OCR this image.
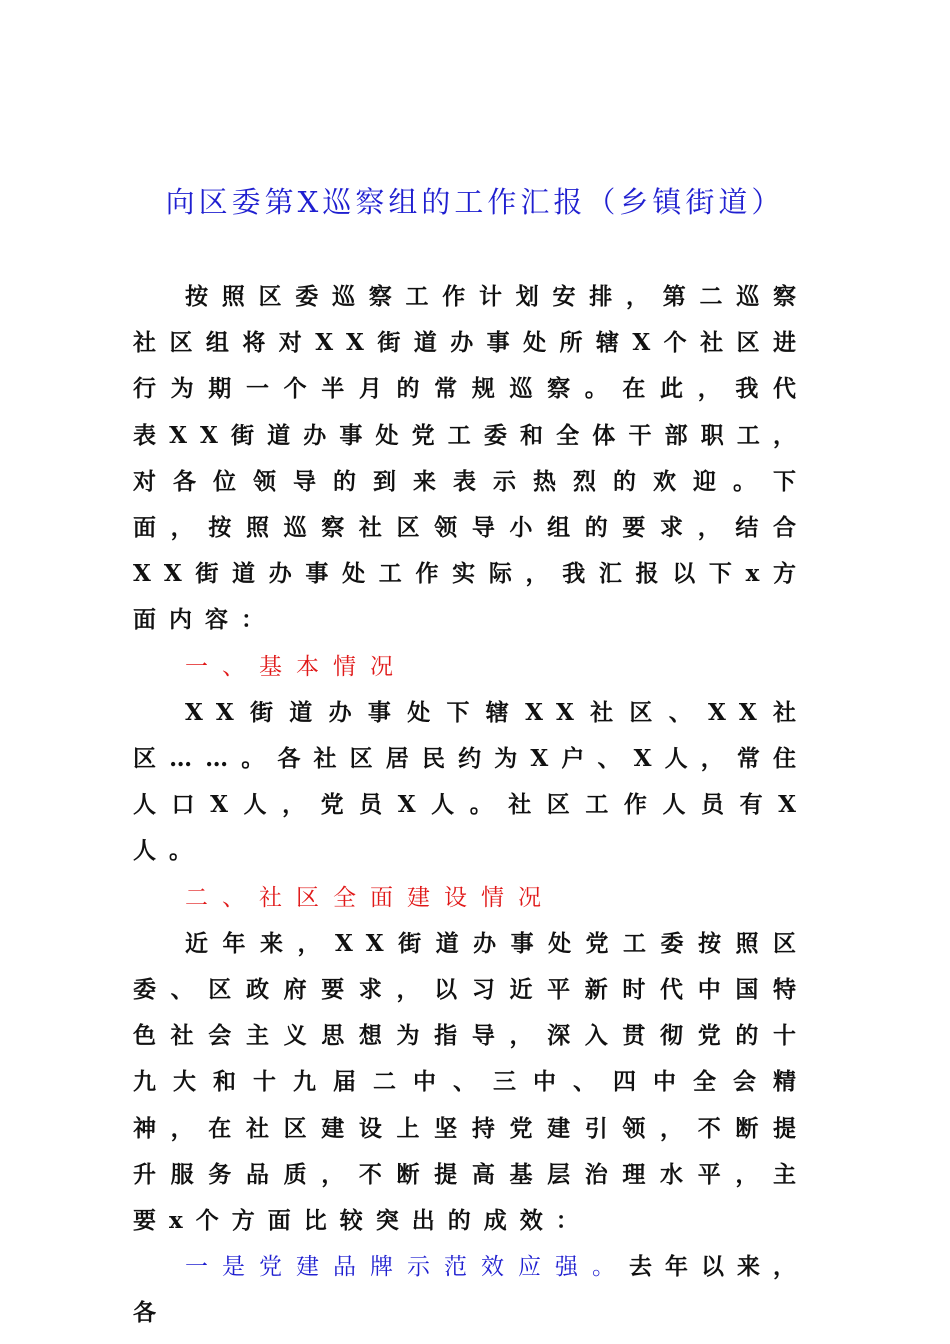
向区委第X巡察组的工作汇报（乡镇街道）

按照区委巡察工作计划安排，第二巡察社区组将对XX街道办事处所辖X个社区进行为期一个半月的常规巡察。在此，我代表XX街道办事处党工委和全体干部职工，对各位领导的到来表示热烈的欢迎。下面，按照巡察社区领导小组的要求，结合XX街道办事处工作实际，我汇报以下x方面内容：

一、基本情况

XX街道办事处下辖XX社区、XX社区……。各社区居民约为X户、X人，常住人口X人，党员X人。社区工作人员有X人。

二、社区全面建设情况

近年来，XX街道办事处党工委按照区委、区政府要求，以习近平新时代中国特色社会主义思想为指导，深入贯彻党的十九大和十九届二中、三中、四中全会精神，在社区建设上坚持党建引领，不断提升服务品质，不断提高基层治理水平，主要x个方面比较突出的成效：

一是党建品牌示范效应强。去年以来，各
